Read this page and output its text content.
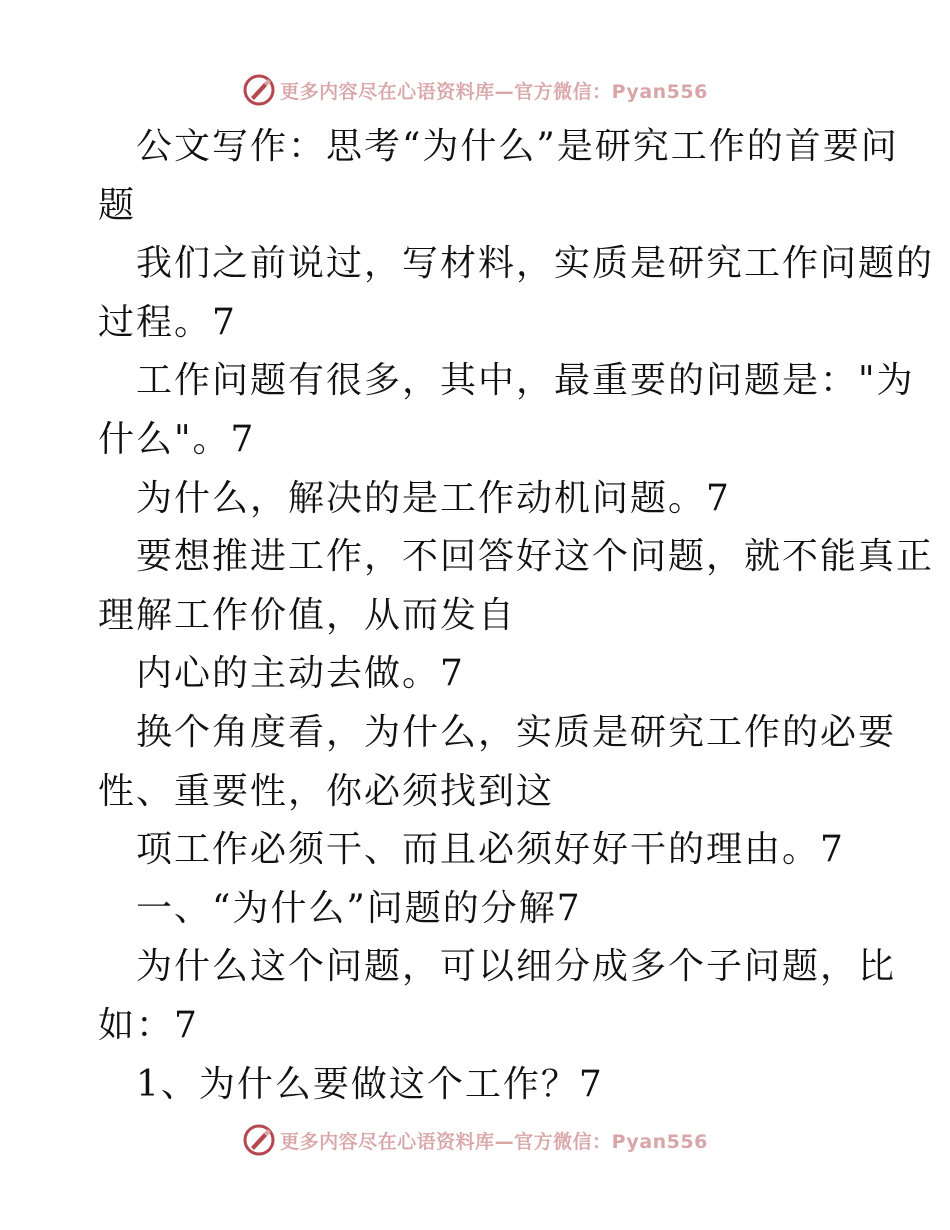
更多内容尽在心语资料库—官方微信：Pyan556

公文写作：思考“为什么”是研究工作的首要问

题

我们之前说过，写材料，实质是研究工作问题的

过程。7

工作问题有很多，其中，最重要的问题是："为

什么"。7

为什么，解决的是工作动机问题。7

要想推进工作，不回答好这个问题，就不能真正

理解工作价值，从而发自

内心的主动去做。7

换个角度看，为什么，实质是研究工作的必要

性、重要性，你必须找到这

项工作必须干、而且必须好好干的理由。7

一、“为什么”问题的分解7

为什么这个问题，可以细分成多个子问题，比

如：7

1、为什么要做这个工作？7

更多内容尽在心语资料库—官方微信：Pyan556
